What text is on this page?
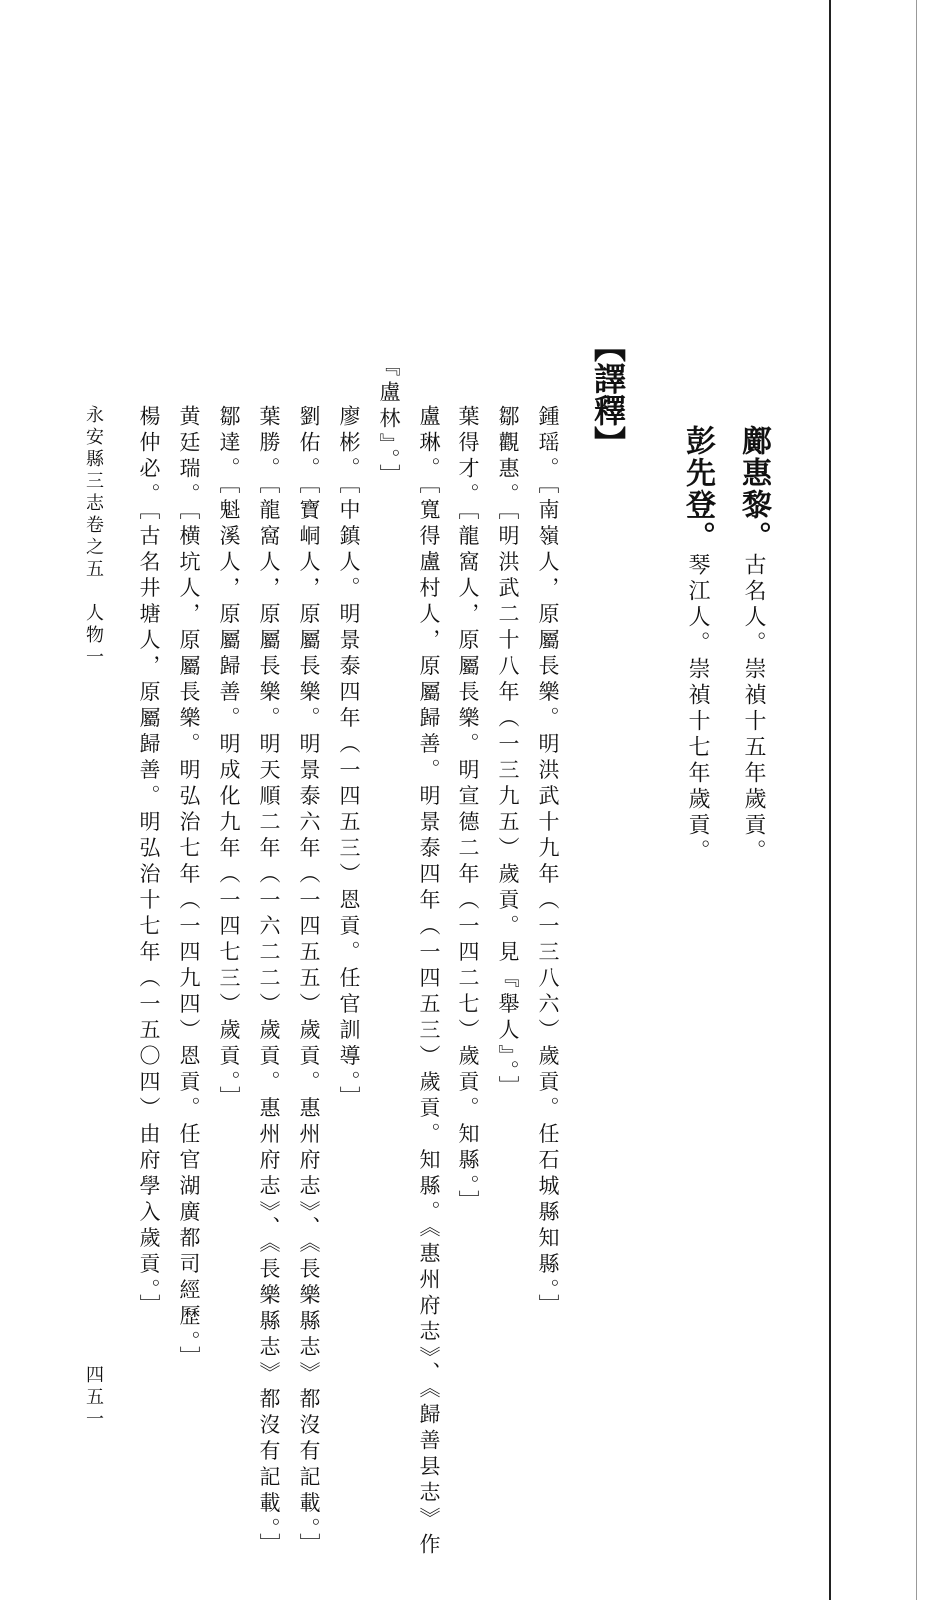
鄺惠黎。古名人。崇禎十五年歲貢。
彭先登。琴江人。崇禎十七年歲貢。
【譯釋】
鍾瑶。［南嶺人，原屬長樂。明洪武十九年（一三八六）歲貢。任石城縣知縣。］
鄒觀惠。［明洪武二十八年（一三九五）歲貢。見『舉人』。］
葉得才。［龍窩人，原屬長樂。明宣德二年（一四二七）歲貢。知縣。］
盧琳。［寬得盧村人，原屬歸善。明景泰四年（一四五三）歲貢。知縣。《惠州府志》、《歸善县志》作
『盧林』。］
廖彬。［中鎮人。明景泰四年（一四五三）恩貢。任官訓導。］
劉佑。［寶峒人，原屬長樂。明景泰六年（一四五五）歲貢。惠州府志》、《長樂縣志》都沒有記載。］
葉勝。［龍窩人，原屬長樂。明天順二年（一六二二）歲貢。惠州府志》、《長樂縣志》都沒有記載。］
鄒達。［魁溪人，原屬歸善。明成化九年（一四七三）歲貢。］
黄廷瑞。［横坑人，原屬長樂。明弘治七年（一四九四）恩貢。任官湖廣都司經歷。］
楊仲必。［古名井塘人，原屬歸善。明弘治十七年（一五〇四）由府學入歲貢。］
永安縣三志卷之五　人物一
四五一
